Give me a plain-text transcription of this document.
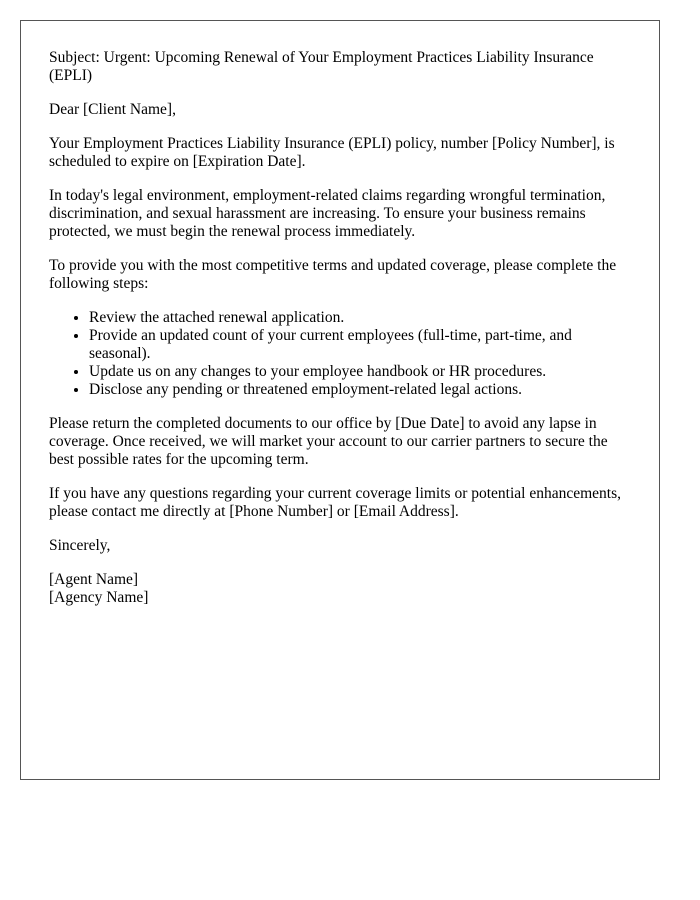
Subject: Urgent: Upcoming Renewal of Your Employment Practices Liability Insurance (EPLI)

Dear [Client Name],

Your Employment Practices Liability Insurance (EPLI) policy, number [Policy Number], is scheduled to expire on [Expiration Date].

In today's legal environment, employment-related claims regarding wrongful termination, discrimination, and sexual harassment are increasing. To ensure your business remains protected, we must begin the renewal process immediately.

To provide you with the most competitive terms and updated coverage, please complete the following steps:

• Review the attached renewal application.
• Provide an updated count of your current employees (full-time, part-time, and seasonal).
• Update us on any changes to your employee handbook or HR procedures.
• Disclose any pending or threatened employment-related legal actions.

Please return the completed documents to our office by [Due Date] to avoid any lapse in coverage. Once received, we will market your account to our carrier partners to secure the best possible rates for the upcoming term.

If you have any questions regarding your current coverage limits or potential enhancements, please contact me directly at [Phone Number] or [Email Address].

Sincerely,

[Agent Name]
[Agency Name]
